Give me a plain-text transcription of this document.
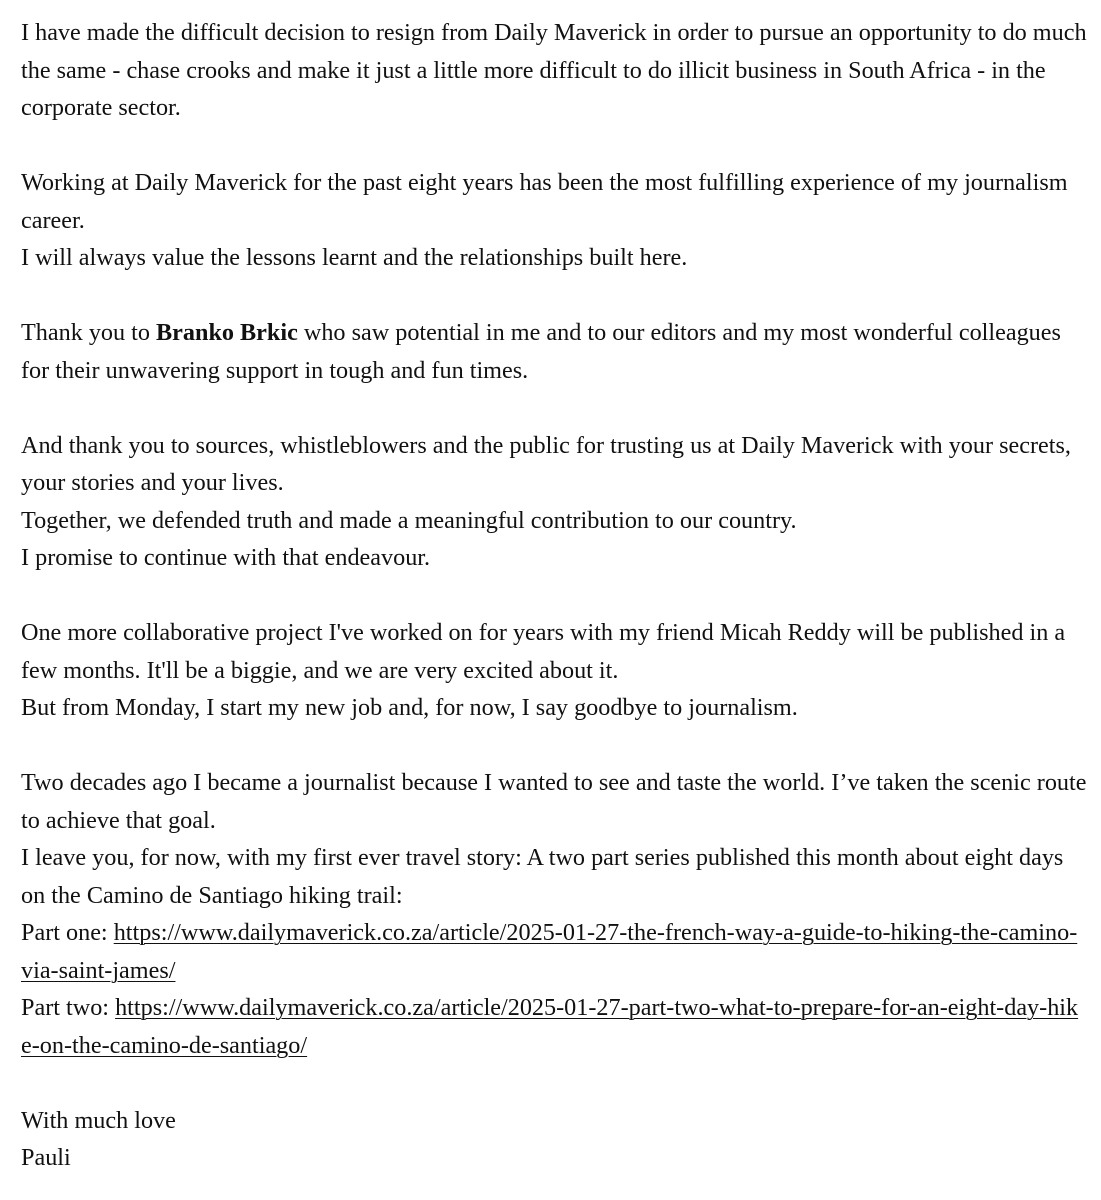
I have made the difficult decision to resign from Daily Maverick in order to pursue an opportunity to do much the same - chase crooks and make it just a little more difficult to do illicit business in South Africa - in the corporate sector.

Working at Daily Maverick for the past eight years has been the most fulfilling experience of my journalism career.
I will always value the lessons learnt and the relationships built here.

Thank you to Branko Brkic who saw potential in me and to our editors and my most wonderful colleagues for their unwavering support in tough and fun times.

And thank you to sources, whistleblowers and the public for trusting us at Daily Maverick with your secrets, your stories and your lives.
Together, we defended truth and made a meaningful contribution to our country.
I promise to continue with that endeavour.

One more collaborative project I've worked on for years with my friend Micah Reddy will be published in a few months. It'll be a biggie, and we are very excited about it.
But from Monday, I start my new job and, for now, I say goodbye to journalism.

Two decades ago I became a journalist because I wanted to see and taste the world. I’ve taken the scenic route to achieve that goal.
I leave you, for now, with my first ever travel story: A two part series published this month about eight days on the Camino de Santiago hiking trail:
Part one: https://www.dailymaverick.co.za/article/2025-01-27-the-french-way-a-guide-to-hiking-the-camino-via-saint-james/
Part two: https://www.dailymaverick.co.za/article/2025-01-27-part-two-what-to-prepare-for-an-eight-day-hike-on-the-camino-de-santiago/

With much love
Pauli
